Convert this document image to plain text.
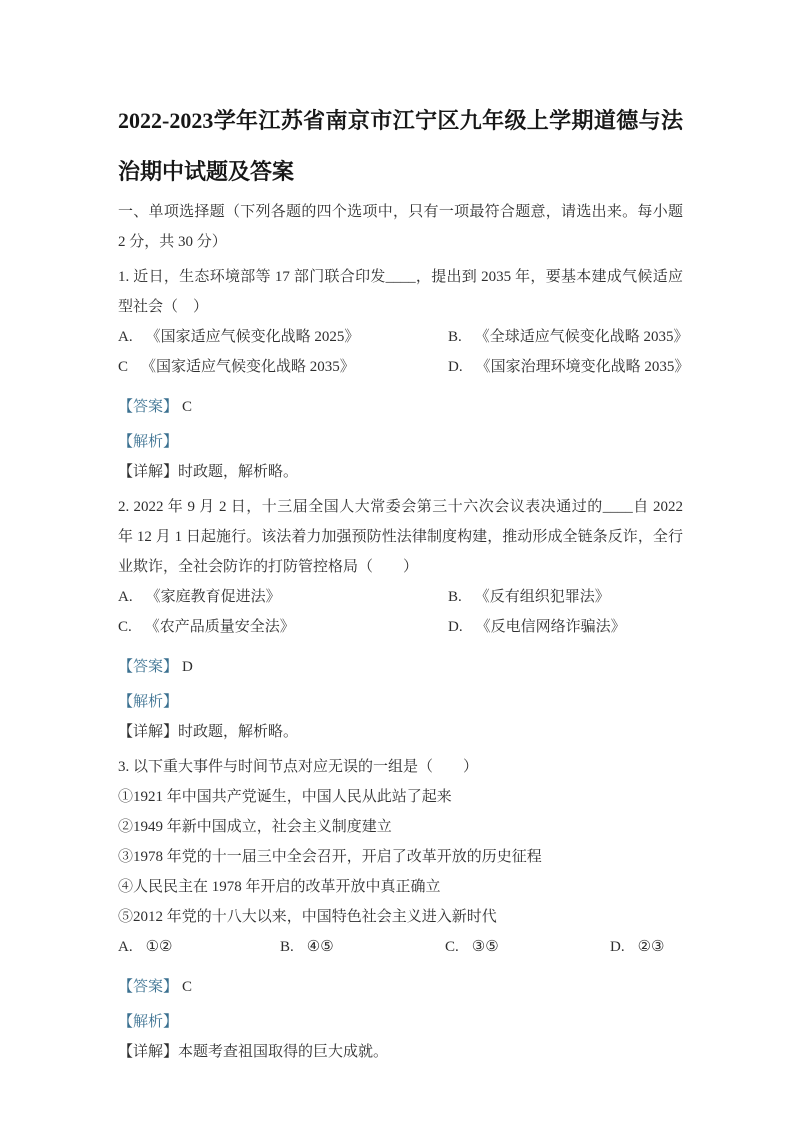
2022-2023学年江苏省南京市江宁区九年级上学期道德与法治期中试题及答案

一、单项选择题（下列各题的四个选项中，只有一项最符合题意，请选出来。每小题 2 分，共 30 分）

1. 近日，生态环境部等 17 部门联合印发____，提出到 2035 年，要基本建成气候适应型社会（　）

A. 《国家适应气候变化战略 2025》	B. 《全球适应气候变化战略 2035》
C 《国家适应气候变化战略 2035》	D. 《国家治理环境变化战略 2035》

【答案】 C

【解析】

【详解】时政题，解析略。

2. 2022 年 9 月 2 日，十三届全国人大常委会第三十六次会议表决通过的____自 2022 年 12 月 1 日起施行。该法着力加强预防性法律制度构建，推动形成全链条反诈，全行业欺诈，全社会防诈的打防管控格局（　　）

A. 《家庭教育促进法》	B. 《反有组织犯罪法》
C. 《农产品质量安全法》	D. 《反电信网络诈骗法》

【答案】 D

【解析】

【详解】时政题，解析略。

3. 以下重大事件与时间节点对应无误的一组是（　　）

①1921 年中国共产党诞生，中国人民从此站了起来

②1949 年新中国成立，社会主义制度建立

③1978 年党的十一届三中全会召开，开启了改革开放的历史征程

④人民民主在 1978 年开启的改革开放中真正确立

⑤2012 年党的十八大以来，中国特色社会主义进入新时代

A. ①②	B. ④⑤	C. ③⑤	D. ②③

【答案】 C

【解析】

【详解】本题考查祖国取得的巨大成就。
